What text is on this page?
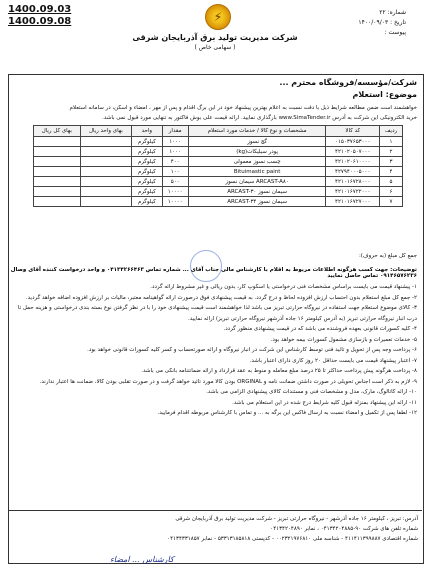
1400.09.03
1400.09.08
شماره: ۲۲
تاریخ : ۱۴۰۰/۰۹/۰۳
پیوست :
⚡
شرکت مدیریت تولید برق آذربایجان شرقی
( سهامی خاص )
شرکت/مؤسسه/فروشگاه محترم ...
موضوع: استعلام
خواهشمند است ضمن مطالعه شرایط ذیل با دقت نسبت به اعلام بهترین پیشنهاد خود در این برگ اقدام و پس از مهر ، امضاء و اسکن، در سامانه استعلام
خرید الکترونیکی این شرکت به آدرس www.SimaTender.ir بارگذاری نمایید. ارائه قیمت علی بوش فاکتور به تنهایی مورد قبول نمی باشد.
ردیف	کد کالا	مشخصات و نوع کالا / خدمات مورد استعلام	مقدار	واحد	بهای واحد ریال	بهای کل ریال
۱	۰۱۵۰۳۷۶۵۳۰۰۰	گچ نسوز	۱۰۰۰	کیلوگرم		
۲	۴۲۱۰۲۰۵۰۷۰۰۰	پودر سیلیکات(kg)	۱۰۰۰	کیلوگرم		
۳	۴۲۱۰۲۰۶۱۰۰۰۰	چسب نسوز معمولی	۴۰۰	کیلوگرم		
۴	۴۲۷۹۴۰۰۰۵۰۰۰	Bituimastic paint	۱۰۰	کیلوگرم		
۵	۴۲۱۰۱۶۷۲۸۰۰۰	ARCAST-A۸۰ سیمان نسوز	۵۰۰	کیلوگرم		
۶	۴۲۱۰۱۶۷۲۲۰۰۰	سیمان نسوز ARCAST-۳۰	۱۰۰۰۰	کیلوگرم		
۷	۴۲۱۰۱۶۷۲۷۰۰۰	سیمان نسوز ARCAST-۳۴	۱۰۰۰۰	کیلوگرم		
جمع کل مبلغ (به حروف):
توضیحات: جهت کسب هرگونه اطلاعات مربوط به اقلام با کارشناس مالی جناب آقای ... شماره تماس ۰۴۱۳۴۲۶۶۴۶۳ و واحد درخواست کننده آقای وصال ۰۹۱۴۶۵۷۶۲۳۶ تماس حاصل نمایید

۱- پیشنهاد قیمت می بایست براساس مشخصات فنی درخواستی یا اسکوپ کار، بدون ریالی و غیر مشروط ارائه گردد.

۲- جمع کل مبلغ استعلام بدون احتساب ارزش افزوده لحاظ و درج گردد. به قیمت پیشنهادی فوق درصورت ارائه گواهینامه معتبر، مالیات بر ارزش افزوده اضافه خواهد گردید.

۳- کالای موضوع استعلام جهت استفاده در نیروگاه حرارتی تبریز می باشد لذا خواهشمند است قیمت پیشنهادی خود را با در نظر گرفتن نوع بسته بندی درخواستی و هزینه حمل تا درب انبار نیروگاه حرارتی تبریز (به آدرس کیلومتر ۱۶ جاده آذرشهر نیروگاه حرارتی تبریز) ارائه نمایید.

۴- کلیه کسورات قانونی بعهده فروشنده می باشد که در قیمت پیشنهادی منظور گردد.

۵- خدمات تعمیرات و بازسازی مشمول کسورات بیمه خواهد بود.

۶- پرداخت وجه پس از تحویل و تائید فنی توسط کارشناس این شرکت در انبار نیروگاه و ارائه صورتحساب و کسر کلیه کسورات قانونی خواهد بود.

۷- اعتبار پیشنهاد قیمت می بایست حداقل ۲۰ روز کاری دارای اعتبار باشد.

۸- پرداخت هرگونه پیش پرداخت حداکثر تا ۲۵ درصد مبلغ معامله و منوط به عقد قرارداد و ارائه ضمانتنامه بانکی می باشد.

۹- لازم به ذکر است اجناس تحویلی در صورت داشتن ضمانت نامه و ORGINAL بودن کالا مورد تائید خواهد گرفت و در صورت تقلبی بودن کالا، ضمانت ها اعتبار ندارند.

۱۰- ارائه کاتالوگ، مارک، مدل و مشخصات فنی و مستندات کالای پیشنهادی الزامی می باشد.

۱۱- ارائه این پیشنهاد بمنزله قبول کلیه شرایط درج شده در این استعلام می باشد.

۱۲- لطفا پس از تکمیل و امضاء نسبت به ارسال فاکس این برگه به ... و تماس با کارشناس مربوطه اقدام فرمایید.

آدرس: تبریز ، کیلومتر ۱۶ جاده آذرشهر - نیروگاه حرارتی تبریز - شرکت مدیریت تولید برق آذربایجان شرقی
شماره تلفن های شرکت ۹۰-۰۴۱۳۴۲۰۴۸۸۵ ، نمابر ۰۴۱۳۴۲۰۴۸۹۰
شماره اقتصادی ۴۱۱۴۱۱۳۹۹۸۸۷ - شناسه ملی ۰۰۲۳۲۱۹۷۶۸۱۰ - کدپستی ۵۳۳۱۳۱۸۵۸۱۸ - نمابر ۰۴۱۳۴۳۳۱۸۵۷
کارشناس ... امضاء
